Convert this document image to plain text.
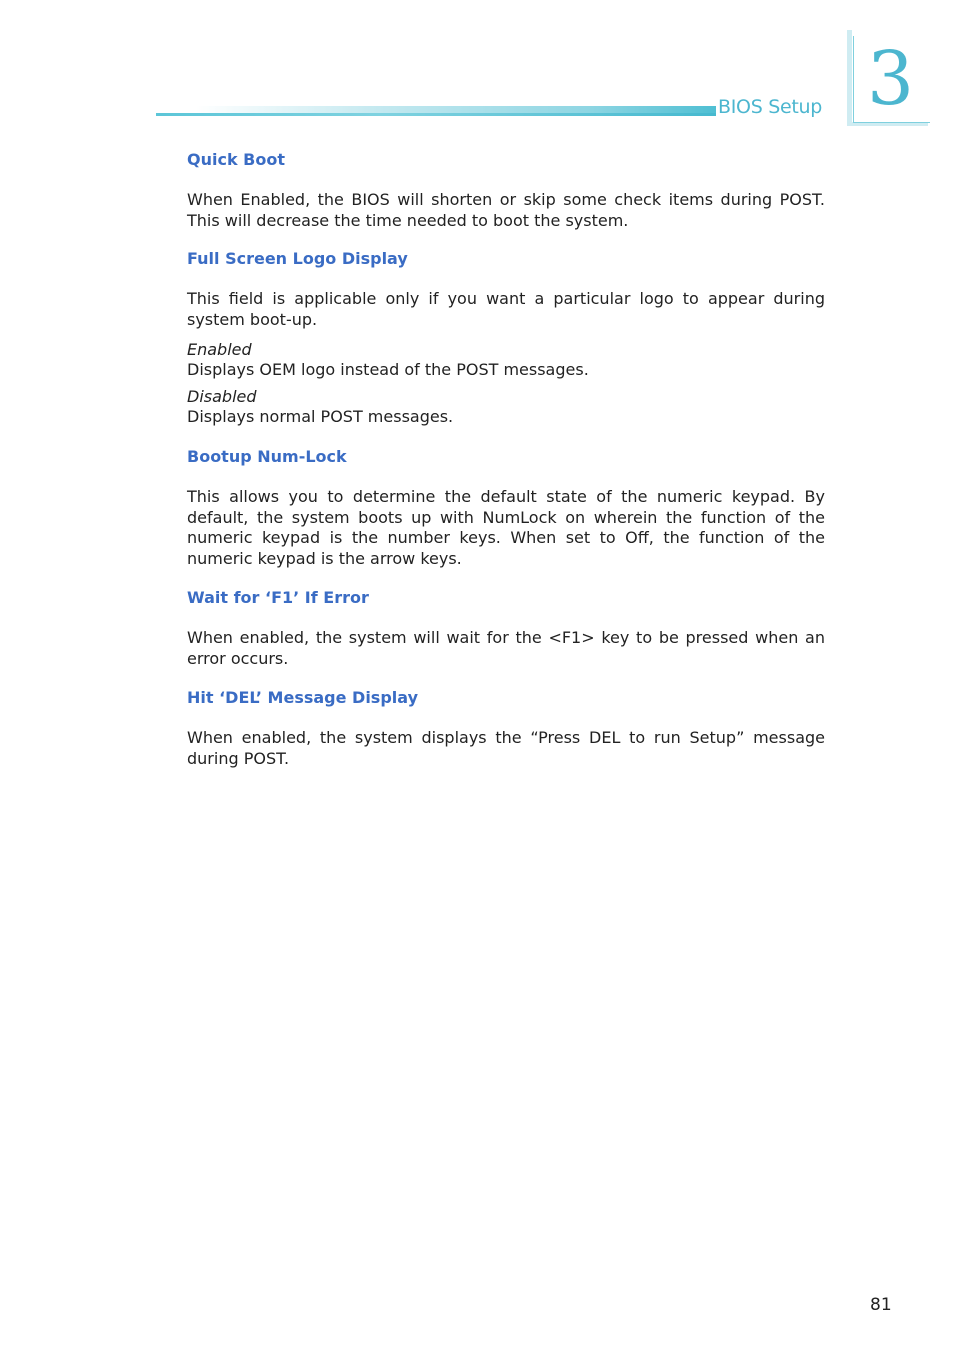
BIOS Setup 3
Quick Boot

When Enabled, the BIOS will shorten or skip some check items during POST. This will decrease the time needed to boot the system.

Full Screen Logo Display

This field is applicable only if you want a particular logo to appear during system boot-up.

Enabled

Displays OEM logo instead of the POST messages.

Disabled

Displays normal POST messages.

Bootup Num-Lock

This allows you to determine the default state of the numeric keypad. By default, the system boots up with NumLock on wherein the function of the numeric keypad is the number keys. When set to Off, the function of the numeric keypad is the arrow keys.

Wait for ‘F1’ If Error

When enabled, the system will wait for the <F1> key to be pressed when an error occurs.

Hit ‘DEL’ Message Display

When enabled, the system displays the “Press DEL to run Setup” message during POST.

81
